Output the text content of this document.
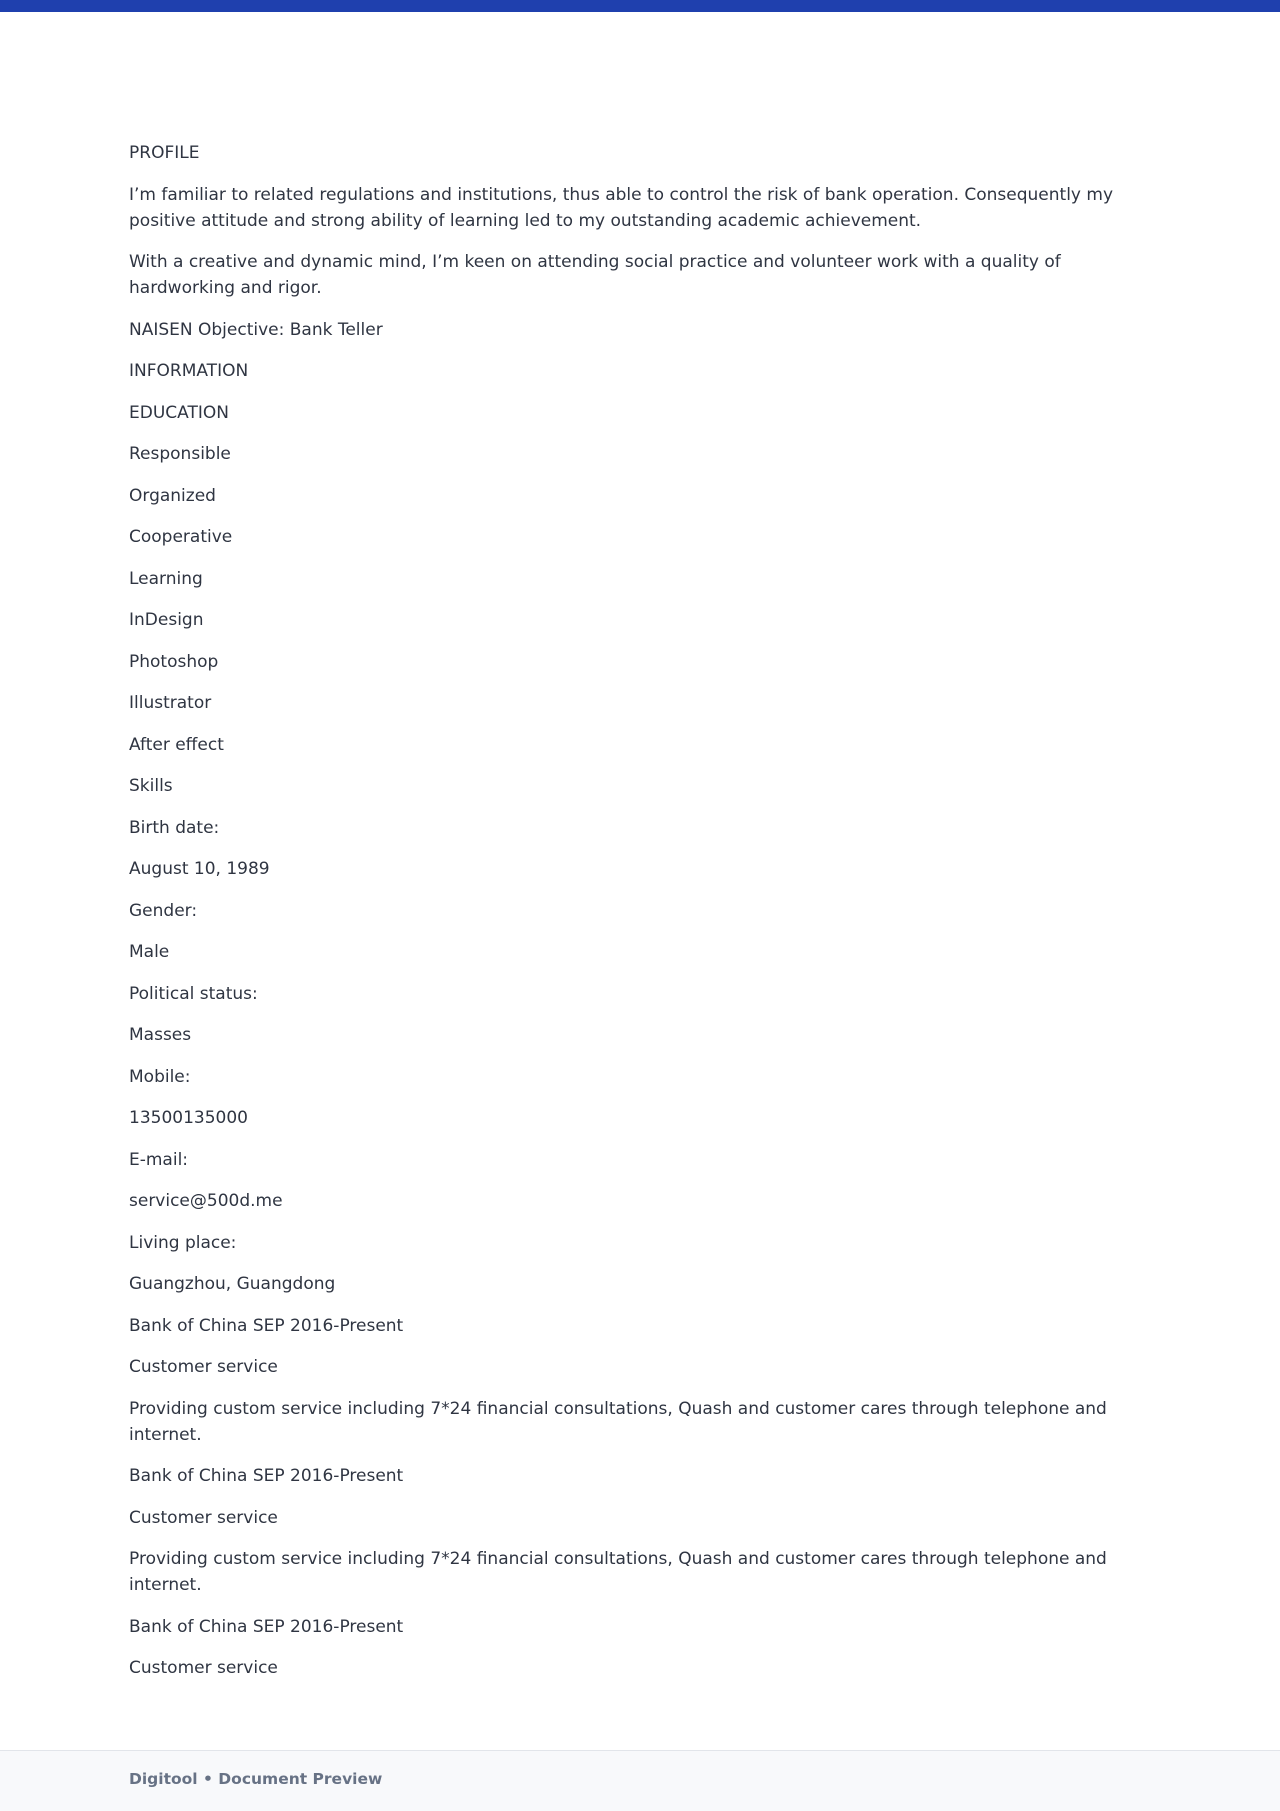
PROFILE

I’m familiar to related regulations and institutions, thus able to control the risk of bank operation. Consequently my positive attitude and strong ability of learning led to my outstanding academic achievement.

With a creative and dynamic mind, I’m keen on attending social practice and volunteer work with a quality of hardworking and rigor.

NAISEN Objective: Bank Teller

INFORMATION

EDUCATION

Responsible

Organized

Cooperative

Learning

InDesign

Photoshop

Illustrator

After effect

Skills

Birth date:

August 10, 1989

Gender:

Male

Political status:

Masses

Mobile:

13500135000

E-mail:

service@500d.me

Living place:

Guangzhou, Guangdong

Bank of China SEP 2016-Present

Customer service

Providing custom service including 7*24 financial consultations, Quash and customer cares through telephone and internet.

Bank of China SEP 2016-Present

Customer service

Providing custom service including 7*24 financial consultations, Quash and customer cares through telephone and internet.

Bank of China SEP 2016-Present

Customer service

Digitool • Document Preview
